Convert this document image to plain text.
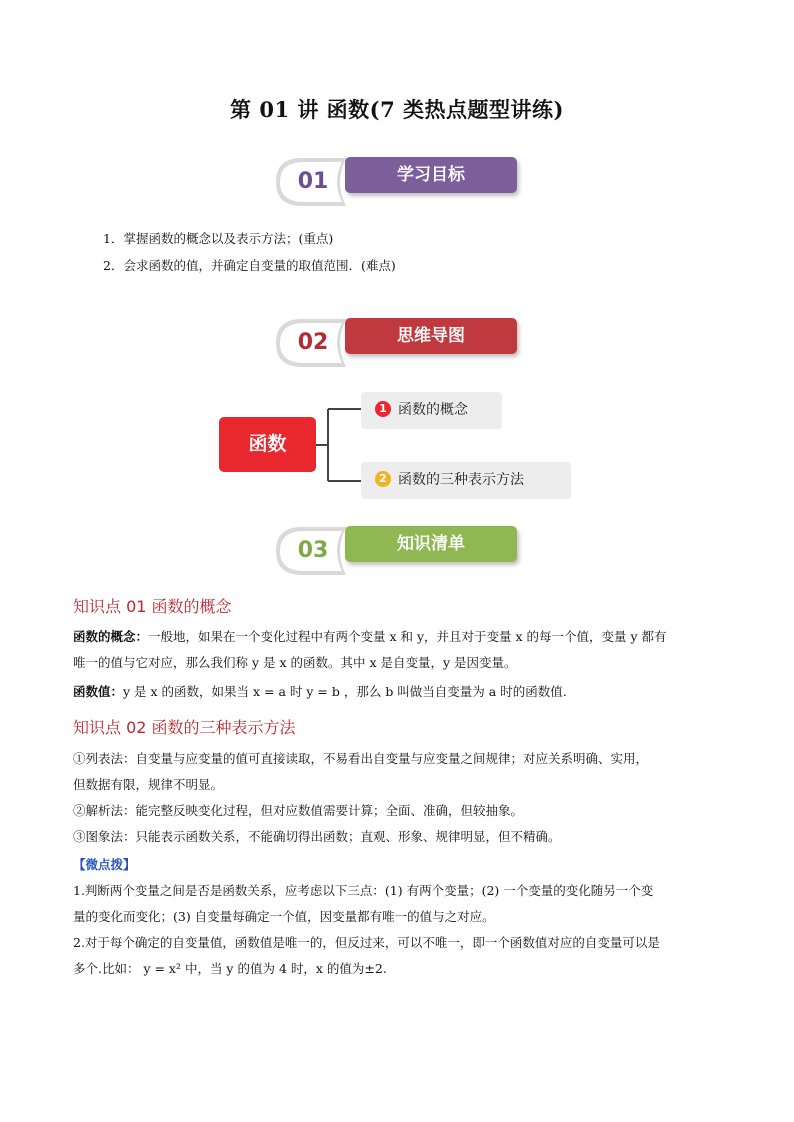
第 01 讲 函数(7 类热点题型讲练)
01	学习目标
1．掌握函数的概念以及表示方法；(重点)
2．会求函数的值，并确定自变量的取值范围．(难点)
02	思维导图
函数
1 函数的概念
2 函数的三种表示方法
03	知识清单
知识点 01 函数的概念
函数的概念：一般地，如果在一个变化过程中有两个变量 x 和 y，并且对于变量 x 的每一个值，变量 y 都有
唯一的值与它对应，那么我们称 y 是 x 的函数。其中 x 是自变量，y 是因变量。
函数值：y 是 x 的函数，如果当 x = a 时 y = b ，那么 b 叫做当自变量为 a 时的函数值.
知识点 02 函数的三种表示方法
①列表法：自变量与应变量的值可直接读取，不易看出自变量与应变量之间规律；对应关系明确、实用，
但数据有限，规律不明显。
②解析法：能完整反映变化过程，但对应数值需要计算；全面、准确，但较抽象。
③图象法：只能表示函数关系，不能确切得出函数；直观、形象、规律明显，但不精确。
【微点拨】
1.判断两个变量之间是否是函数关系，应考虑以下三点：(1) 有两个变量；(2) 一个变量的变化随另一个变
量的变化而变化；(3) 自变量每确定一个值，因变量都有唯一的值与之对应。
2.对于每个确定的自变量值，函数值是唯一的，但反过来，可以不唯一，即一个函数值对应的自变量可以是
多个.比如： y = x² 中，当 y 的值为 4 时，x 的值为±2.
